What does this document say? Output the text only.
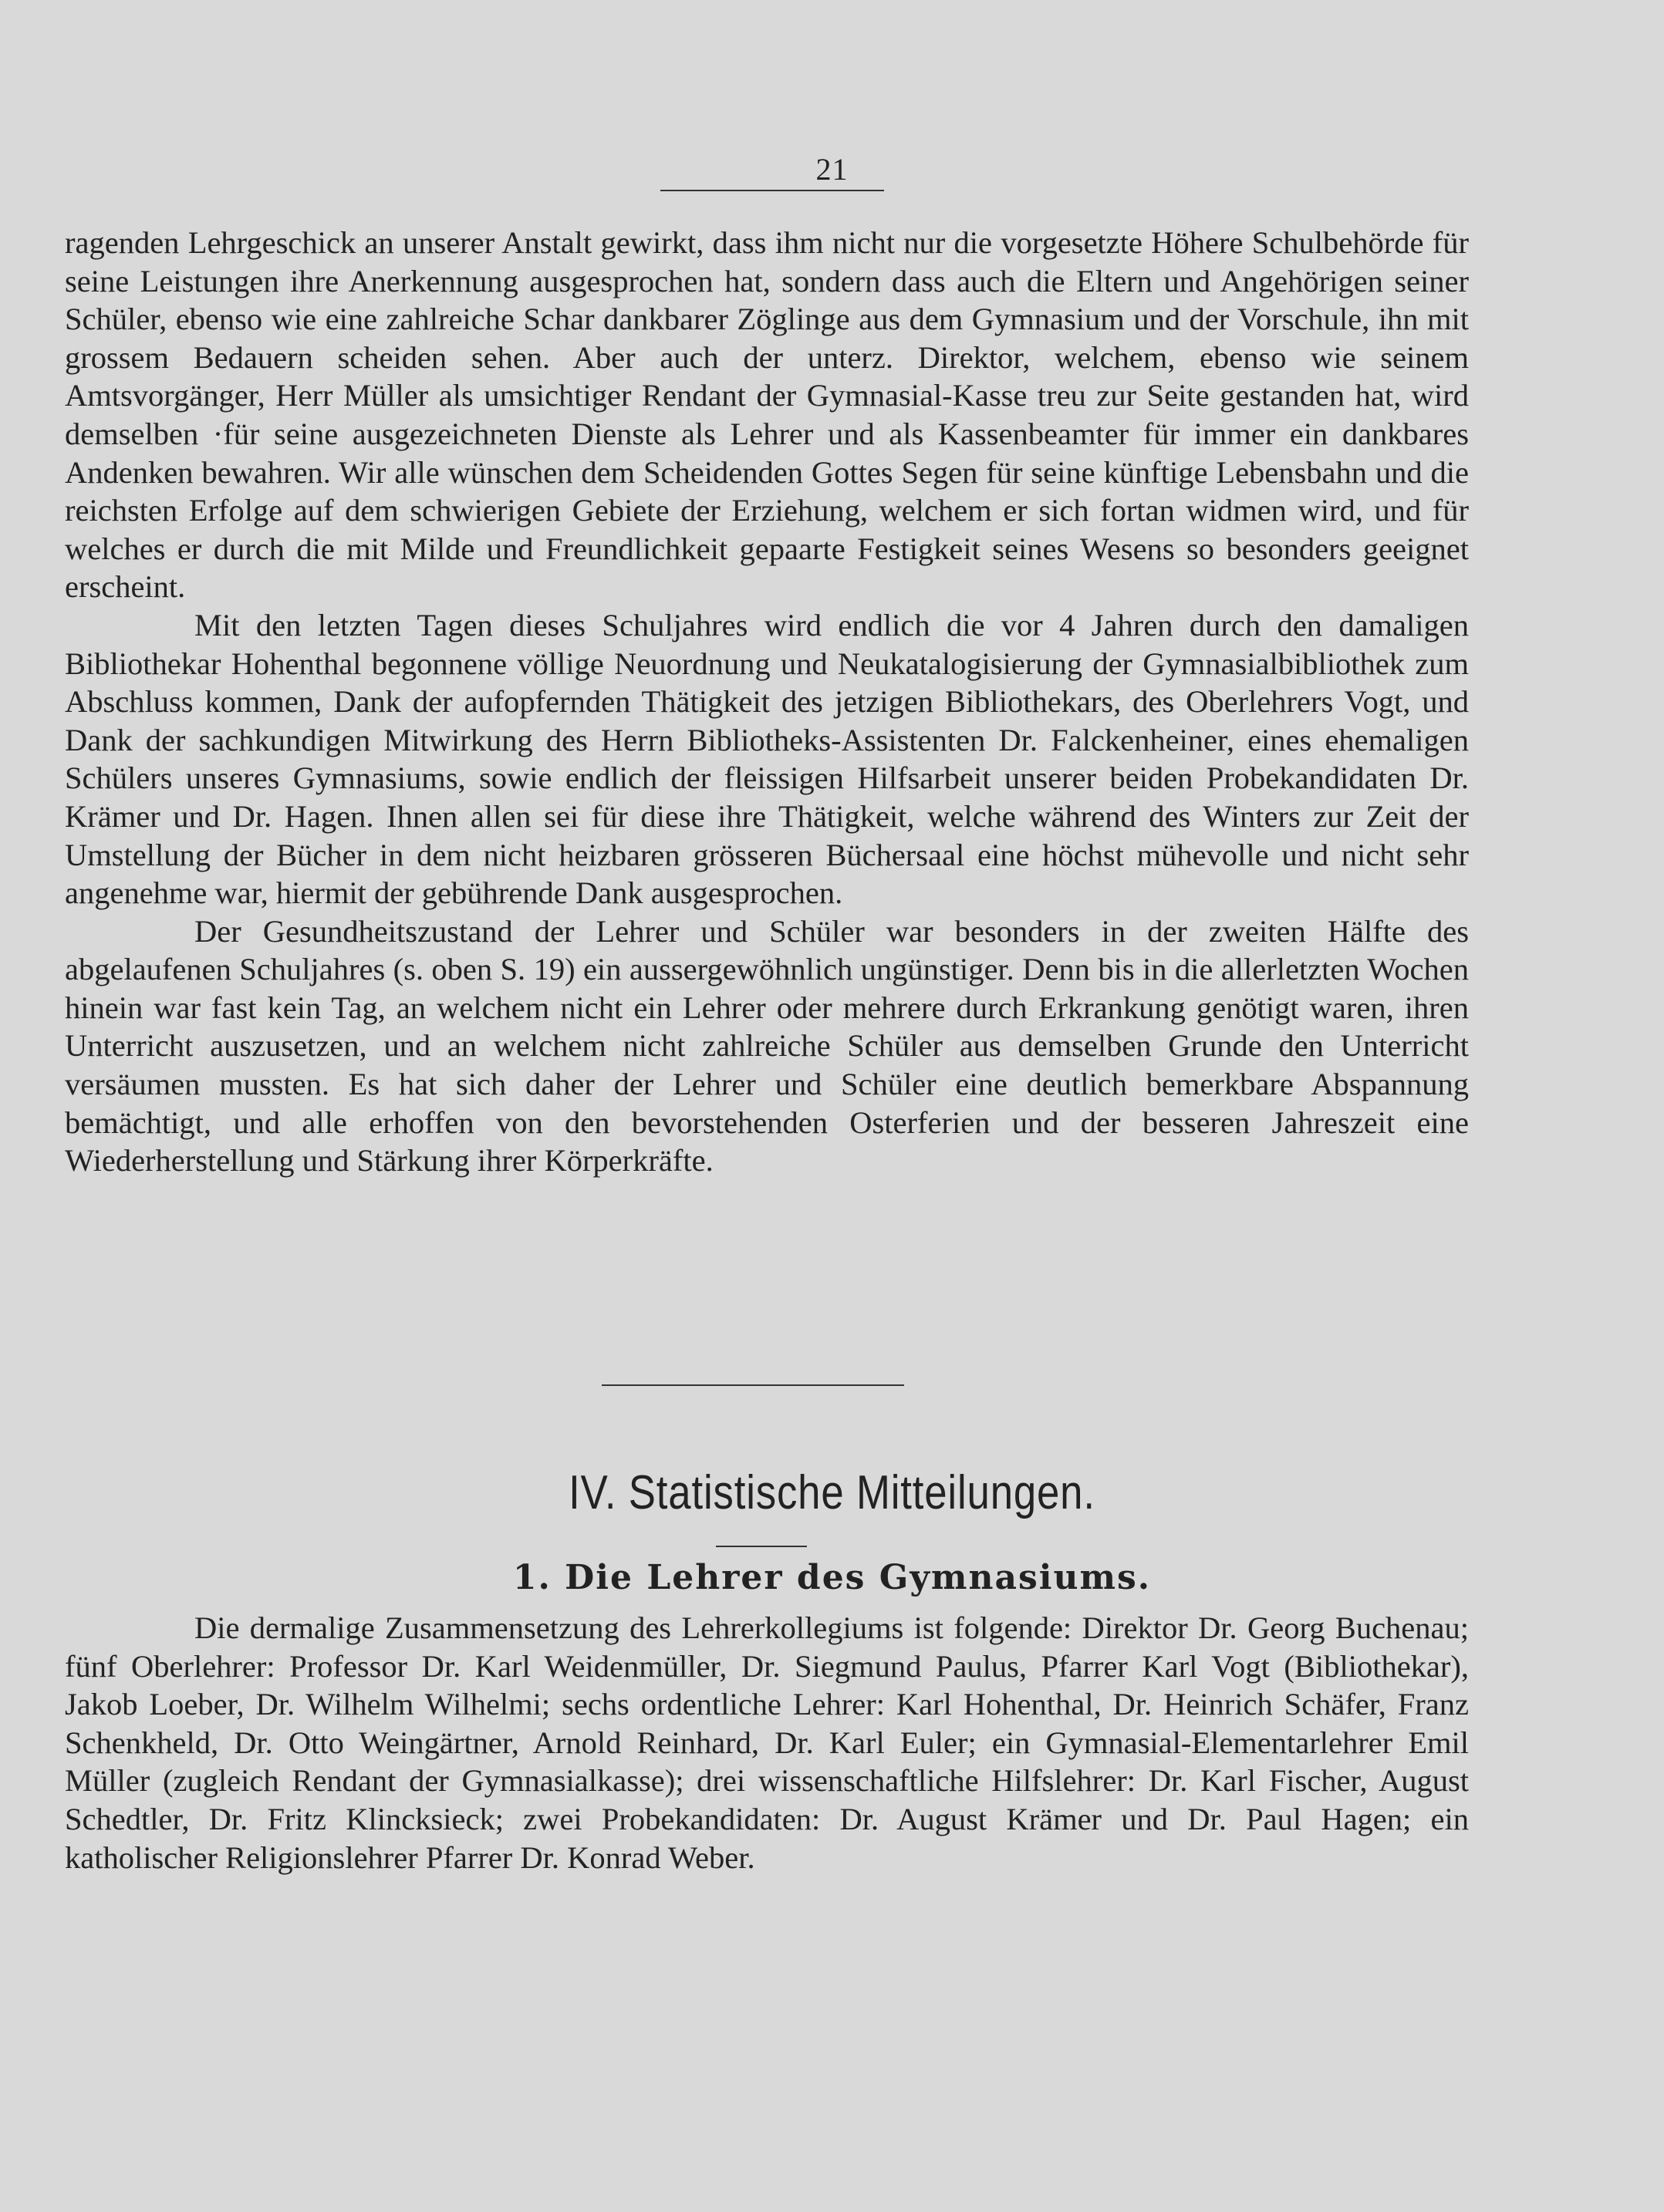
21

ragenden Lehrgeschick an unserer Anstalt gewirkt, dass ihm nicht nur die vorgesetzte Höhere Schulbehörde für seine Leistungen ihre Anerkennung ausgesprochen hat, sondern dass auch die Eltern und Angehörigen seiner Schüler, ebenso wie eine zahlreiche Schar dankbarer Zöglinge aus dem Gymnasium und der Vorschule, ihn mit grossem Bedauern scheiden sehen. Aber auch der unterz. Direktor, welchem, ebenso wie seinem Amtsvorgänger, Herr Müller als umsichtiger Rendant der Gymnasial-Kasse treu zur Seite gestanden hat, wird demselben ·für seine ausgezeichneten Dienste als Lehrer und als Kassenbeamter für immer ein dankbares Andenken bewahren. Wir alle wünschen dem Scheidenden Gottes Segen für seine künftige Lebensbahn und die reichsten Erfolge auf dem schwierigen Gebiete der Erziehung, welchem er sich fortan widmen wird, und für welches er durch die mit Milde und Freundlichkeit gepaarte Festigkeit seines Wesens so besonders geeignet erscheint.

Mit den letzten Tagen dieses Schuljahres wird endlich die vor 4 Jahren durch den damaligen Bibliothekar Hohenthal begonnene völlige Neuordnung und Neukatalogisierung der Gymnasialbibliothek zum Abschluss kommen, Dank der aufopfernden Thätigkeit des jetzigen Bibliothekars, des Oberlehrers Vogt, und Dank der sachkundigen Mitwirkung des Herrn Bibliotheks-Assistenten Dr. Falckenheiner, eines ehemaligen Schülers unseres Gymnasiums, sowie endlich der fleissigen Hilfsarbeit unserer beiden Probekandidaten Dr. Krämer und Dr. Hagen. Ihnen allen sei für diese ihre Thätigkeit, welche während des Winters zur Zeit der Umstellung der Bücher in dem nicht heizbaren grösseren Büchersaal eine höchst mühevolle und nicht sehr angenehme war, hiermit der gebührende Dank ausgesprochen.

Der Gesundheitszustand der Lehrer und Schüler war besonders in der zweiten Hälfte des abgelaufenen Schuljahres (s. oben S. 19) ein aussergewöhnlich ungünstiger. Denn bis in die allerletzten Wochen hinein war fast kein Tag, an welchem nicht ein Lehrer oder mehrere durch Erkrankung genötigt waren, ihren Unterricht auszusetzen, und an welchem nicht zahlreiche Schüler aus demselben Grunde den Unterricht versäumen mussten. Es hat sich daher der Lehrer und Schüler eine deutlich bemerkbare Abspannung bemächtigt, und alle erhoffen von den bevorstehenden Osterferien und der besseren Jahreszeit eine Wiederherstellung und Stärkung ihrer Körperkräfte.

IV. Statistische Mitteilungen.
1. Die Lehrer des Gymnasiums.

Die dermalige Zusammensetzung des Lehrerkollegiums ist folgende: Direktor Dr. Georg Buchenau; fünf Oberlehrer: Professor Dr. Karl Weidenmüller, Dr. Siegmund Paulus, Pfarrer Karl Vogt (Bibliothekar), Jakob Loeber, Dr. Wilhelm Wilhelmi; sechs ordentliche Lehrer: Karl Hohenthal, Dr. Heinrich Schäfer, Franz Schenkheld, Dr. Otto Weingärtner, Arnold Reinhard, Dr. Karl Euler; ein Gymnasial-Elementarlehrer Emil Müller (zugleich Rendant der Gymnasialkasse); drei wissenschaftliche Hilfslehrer: Dr. Karl Fischer, August Schedtler, Dr. Fritz Klincksieck; zwei Probekandidaten: Dr. August Krämer und Dr. Paul Hagen; ein katholischer Religionslehrer Pfarrer Dr. Konrad Weber.
